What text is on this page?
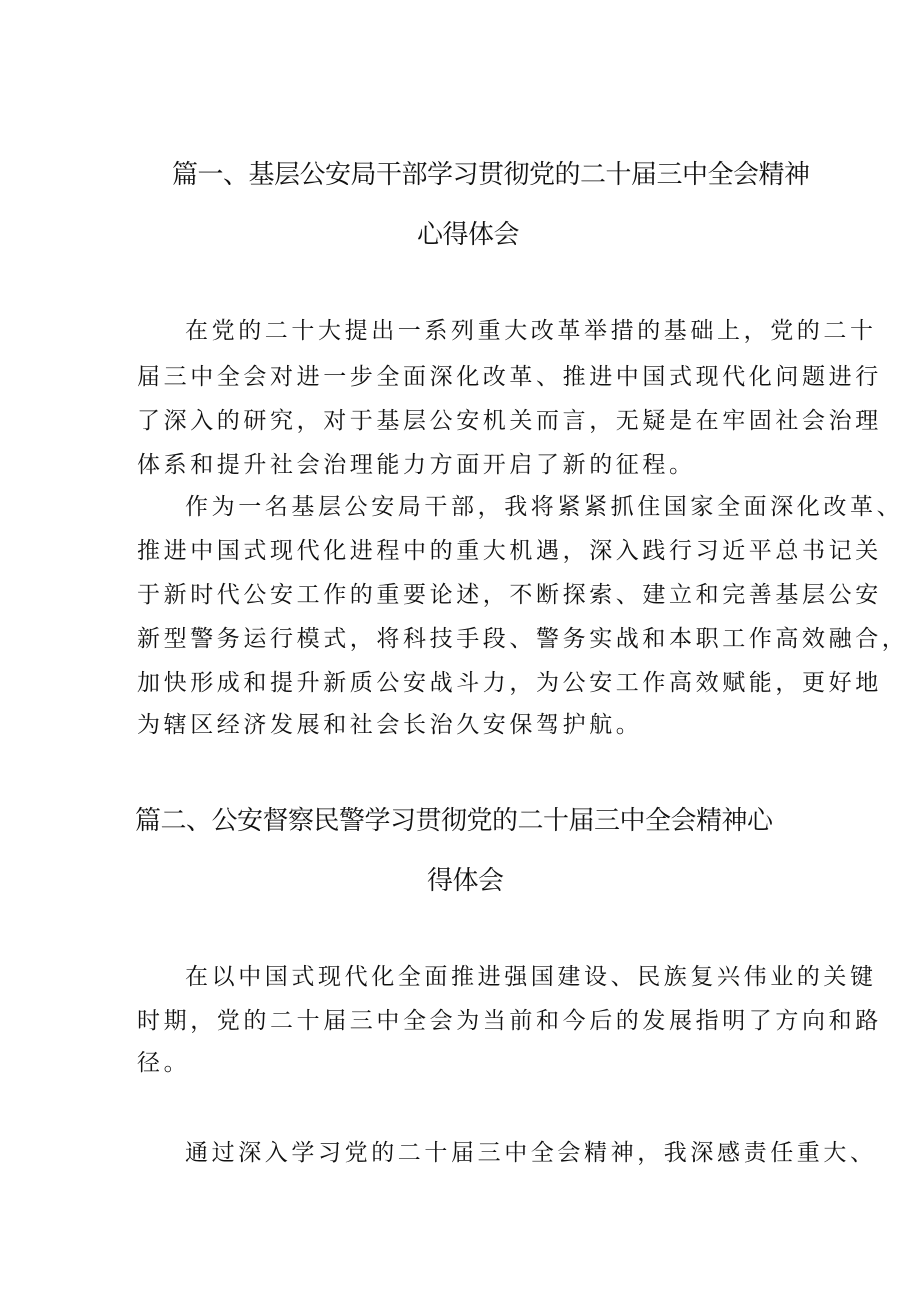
篇一、基层公安局干部学习贯彻党的二十届三中全会精神
心得体会
在党的二十大提出一系列重大改革举措的基础上，党的二十
届三中全会对进一步全面深化改革、推进中国式现代化问题进行
了深入的研究，对于基层公安机关而言，无疑是在牢固社会治理
体系和提升社会治理能力方面开启了新的征程。
作为一名基层公安局干部，我将紧紧抓住国家全面深化改革、
推进中国式现代化进程中的重大机遇，深入践行习近平总书记关
于新时代公安工作的重要论述，不断探索、建立和完善基层公安
新型警务运行模式，将科技手段、警务实战和本职工作高效融合，
加快形成和提升新质公安战斗力，为公安工作高效赋能，更好地
为辖区经济发展和社会长治久安保驾护航。
篇二、公安督察民警学习贯彻党的二十届三中全会精神心
得体会
在以中国式现代化全面推进强国建设、民族复兴伟业的关键
时期，党的二十届三中全会为当前和今后的发展指明了方向和路
径。
通过深入学习党的二十届三中全会精神，我深感责任重大、
